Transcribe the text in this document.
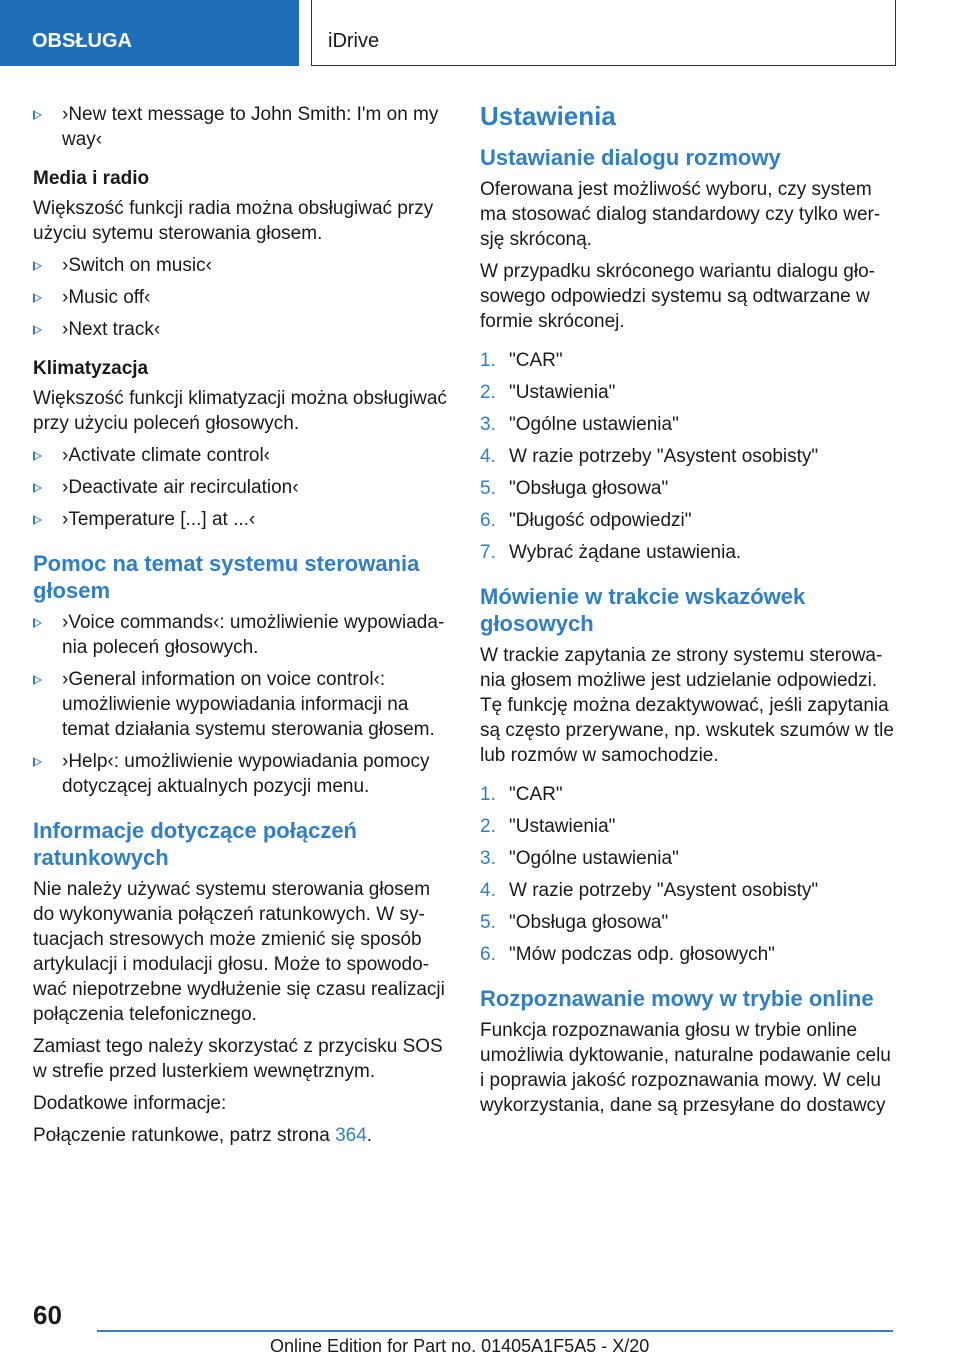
OBSŁUGA	iDrive
›New text message to John Smith: I'm on my way‹

Media i radio

Większość funkcji radia można obsługiwać przy użyciu sytemu sterowania głosem.

›Switch on music‹
›Music off‹
›Next track‹

Klimatyzacja

Większość funkcji klimatyzacji można obsługiwać przy użyciu poleceń głosowych.

›Activate climate control‹
›Deactivate air recirculation‹
›Temperature [...] at ...‹
Pomoc na temat systemu sterowania głosem
›Voice commands‹: umożliwienie wypowiadania poleceń głosowych.
›General information on voice control‹: umożliwienie wypowiadania informacji na temat działania systemu sterowania głosem.
›Help‹: umożliwienie wypowiadania pomocy dotyczącej aktualnych pozycji menu.
Informacje dotyczące połączeń ratunkowych

Nie należy używać systemu sterowania głosem do wykonywania połączeń ratunkowych. W sytuacjach stresowych może zmienić się sposób artykulacji i modulacji głosu. Może to spowodować niepotrzebne wydłużenie się czasu realizacji połączenia telefonicznego.

Zamiast tego należy skorzystać z przycisku SOS w strefie przed lusterkiem wewnętrznym.

Dodatkowe informacje:

Połączenie ratunkowe, patrz strona 364.

Ustawienia
Ustawianie dialogu rozmowy

Oferowana jest możliwość wyboru, czy system ma stosować dialog standardowy czy tylko wersję skróconą.

W przypadku skróconego wariantu dialogu głosowego odpowiedzi systemu są odtwarzane w formie skróconej.

1. "CAR"
2. "Ustawienia"
3. "Ogólne ustawienia"
4. W razie potrzeby "Asystent osobisty"
5. "Obsługa głosowa"
6. "Długość odpowiedzi"
7. Wybrać żądane ustawienia.
Mówienie w trakcie wskazówek głosowych

W trackie zapytania ze strony systemu sterowania głosem możliwe jest udzielanie odpowiedzi. Tę funkcję można dezaktywować, jeśli zapytania są często przerywane, np. wskutek szumów w tle lub rozmów w samochodzie.

1. "CAR"
2. "Ustawienia"
3. "Ogólne ustawienia"
4. W razie potrzeby "Asystent osobisty"
5. "Obsługa głosowa"
6. "Mów podczas odp. głosowych"
Rozpoznawanie mowy w trybie online

Funkcja rozpoznawania głosu w trybie online umożliwia dyktowanie, naturalne podawanie celu i poprawia jakość rozpoznawania mowy. W celu wykorzystania, dane są przesyłane do dostawcy

60
Online Edition for Part no. 01405A1F5A5 - X/20
